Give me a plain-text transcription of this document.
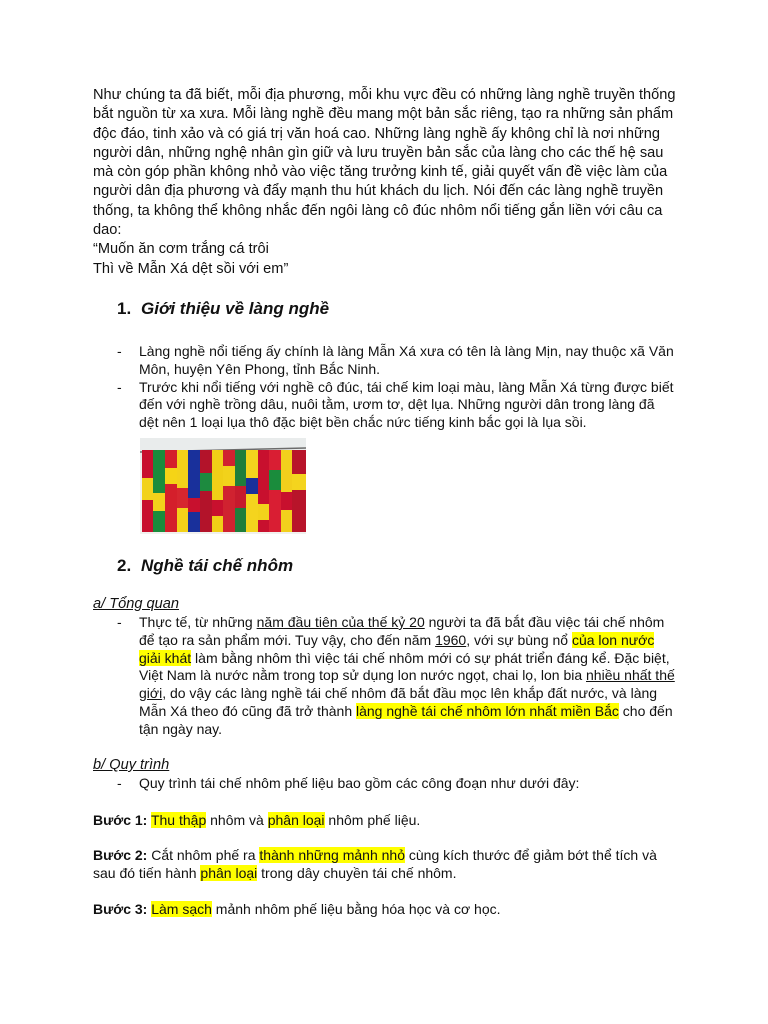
Như chúng ta đã biết, mỗi địa phương, mỗi khu vực đều có những làng nghề truyền thống bắt nguồn từ xa xưa. Mỗi làng nghề đều mang một bản sắc riêng, tạo ra những sản phẩm độc đáo, tinh xảo và có giá trị văn hoá cao. Những làng nghề ấy không chỉ là nơi những người dân, những nghệ nhân gìn giữ và lưu truyền bản sắc của làng cho các thế hệ sau mà còn góp phần không nhỏ vào việc tăng trưởng kinh tế, giải quyết vấn đề việc làm của người dân địa phương và đẩy mạnh thu hút khách du lịch. Nói đến các làng nghề truyền thống, ta không thể không nhắc đến ngôi làng cô đúc nhôm nổi tiếng gắn liền với câu ca dao:

“Muốn ăn cơm trắng cá trôi

Thì về Mẫn Xá dệt sồi với em”

1. Giới thiệu về làng nghề
- Làng nghề nổi tiếng ấy chính là làng Mẫn Xá xưa có tên là làng Mịn, nay thuộc xã Văn Môn, huyện Yên Phong, tỉnh Bắc Ninh.
- Trước khi nổi tiếng với nghề cô đúc, tái chế kim loại màu, làng Mẫn Xá từng được biết đến với nghề trồng dâu, nuôi tằm, ươm tơ, dệt lụa. Những người dân trong làng đã dệt nên 1 loại lụa thô đặc biệt bền chắc nức tiếng kinh bắc gọi là lụa sồi.
2. Nghề tái chế nhôm

a/ Tổng quan

- Thực tế, từ những năm đầu tiên của thế kỷ 20 người ta đã bắt đầu việc tái chế nhôm để tạo ra sản phẩm mới. Tuy vậy, cho đến năm 1960, với sự bùng nổ của lon nước giải khát làm bằng nhôm thì việc tái chế nhôm mới có sự phát triển đáng kể. Đặc biệt, Việt Nam là nước nằm trong top sử dụng lon nước ngọt, chai lọ, lon bia nhiều nhất thế giới, do vậy các làng nghề tái chế nhôm đã bắt đầu mọc lên khắp đất nước, và làng Mẫn Xá theo đó cũng đã trở thành làng nghề tái chế nhôm lớn nhất miền Bắc cho đến tận ngày nay.

b/ Quy trình

- Quy trình tái chế nhôm phế liệu bao gồm các công đoạn như dưới đây:

Bước 1: Thu thập nhôm và phân loại nhôm phế liệu.

Bước 2: Cắt nhôm phế ra thành những mảnh nhỏ cùng kích thước để giảm bớt thể tích và sau đó tiến hành phân loại trong dây chuyền tái chế nhôm.

Bước 3: Làm sạch mảnh nhôm phế liệu bằng hóa học và cơ học.
